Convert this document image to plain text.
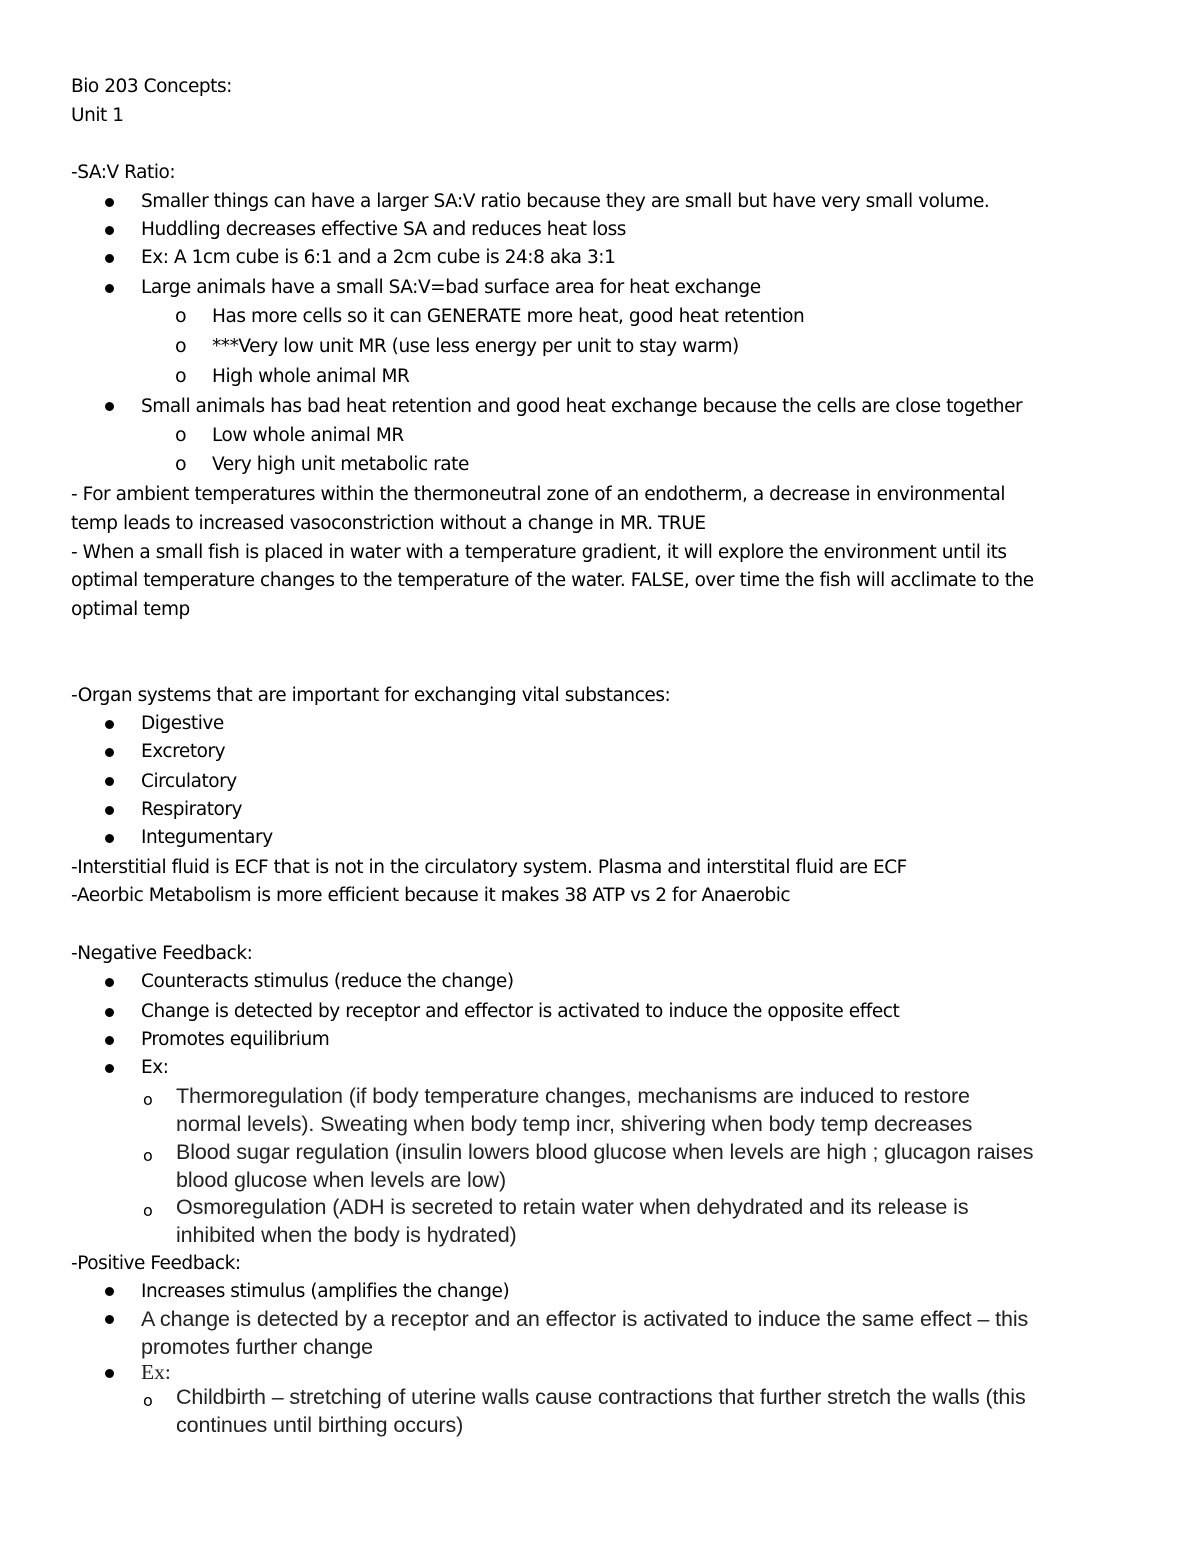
Bio 203 Concepts:
Unit 1
-SA:V Ratio:
Smaller things can have a larger SA:V ratio because they are small but have very small volume.
Huddling decreases effective SA and reduces heat loss
Ex: A 1cm cube is 6:1 and a 2cm cube is 24:8 aka 3:1
Large animals have a small SA:V=bad surface area for heat exchange
o Has more cells so it can GENERATE more heat, good heat retention
o ***Very low unit MR (use less energy per unit to stay warm)
o High whole animal MR
Small animals has bad heat retention and good heat exchange because the cells are close together
o Low whole animal MR
o Very high unit metabolic rate
- For ambient temperatures within the thermoneutral zone of an endotherm, a decrease in environmental
temp leads to increased vasoconstriction without a change in MR. TRUE
- When a small fish is placed in water with a temperature gradient, it will explore the environment until its
optimal temperature changes to the temperature of the water. FALSE, over time the fish will acclimate to the
optimal temp
-Organ systems that are important for exchanging vital substances:
Digestive
Excretory
Circulatory
Respiratory
Integumentary
-Interstitial fluid is ECF that is not in the circulatory system. Plasma and interstital fluid are ECF
-Aeorbic Metabolism is more efficient because it makes 38 ATP vs 2 for Anaerobic
-Negative Feedback:
Counteracts stimulus (reduce the change)
Change is detected by receptor and effector is activated to induce the opposite effect
Promotes equilibrium
Ex:
o Thermoregulation (if body temperature changes, mechanisms are induced to restore
normal levels). Sweating when body temp incr, shivering when body temp decreases
o Blood sugar regulation (insulin lowers blood glucose when levels are high ; glucagon raises
blood glucose when levels are low)
o Osmoregulation (ADH is secreted to retain water when dehydrated and its release is
inhibited when the body is hydrated)
-Positive Feedback:
Increases stimulus (amplifies the change)
A change is detected by a receptor and an effector is activated to induce the same effect – this
promotes further change
Ex:
o Childbirth – stretching of uterine walls cause contractions that further stretch the walls (this
continues until birthing occurs)
